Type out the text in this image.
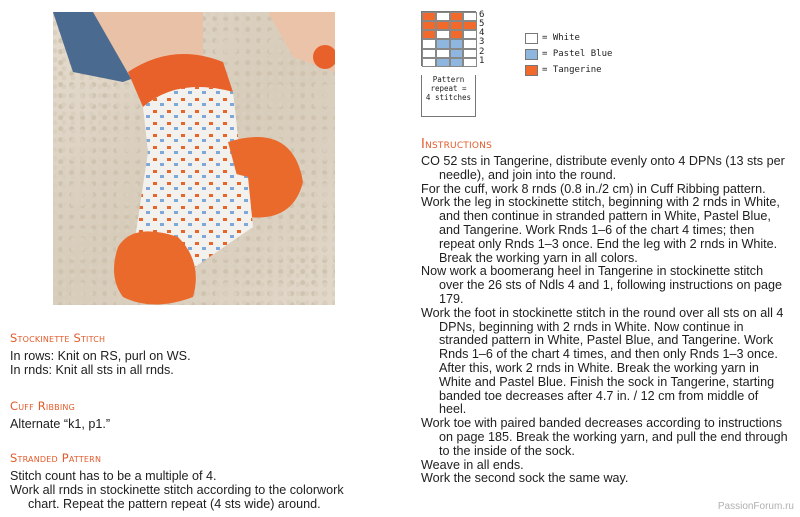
6
5
4
3
2
1
Pattern
repeat =
4 stitches
= White
= Pastel Blue
= Tangerine
Stockinette Stitch

In rows: Knit on RS, purl on WS.

In rnds: Knit all sts in all rnds.

Cuff Ribbing

Alternate “k1, p1.”

Stranded Pattern

Stitch count has to be a multiple of 4.

Work all rnds in stockinette stitch according to the colorwork chart. Repeat the pattern repeat (4 sts wide) around.

Instructions

CO 52 sts in Tangerine, distribute evenly onto 4 DPNs (13 sts per needle), and join into the round.

For the cuff, work 8 rnds (0.8 in./2 cm) in Cuff Ribbing pattern.

Work the leg in stockinette stitch, beginning with 2 rnds in White, and then continue in stranded pattern in White, Pastel Blue, and Tangerine. Work Rnds 1–6 of the chart 4 times; then repeat only Rnds 1–3 once. End the leg with 2 rnds in White. Break the working yarn in all colors.

Now work a boomerang heel in Tangerine in stockinette stitch over the 26 sts of Ndls 4 and 1, following instructions on page 179.

Work the foot in stockinette stitch in the round over all sts on all 4 DPNs, beginning with 2 rnds in White. Now continue in stranded pattern in White, Pastel Blue, and Tangerine. Work Rnds 1–6 of the chart 4 times, and then only Rnds 1–3 once. After this, work 2 rnds in White. Break the working yarn in White and Pastel Blue. Finish the sock in Tangerine, starting banded toe decreases after 4.7 in. / 12 cm from middle of heel.

Work toe with paired banded decreases according to instructions on page 185. Break the working yarn, and pull the end through to the inside of the sock.

Weave in all ends.

Work the second sock the same way.

PassionForum.ru
